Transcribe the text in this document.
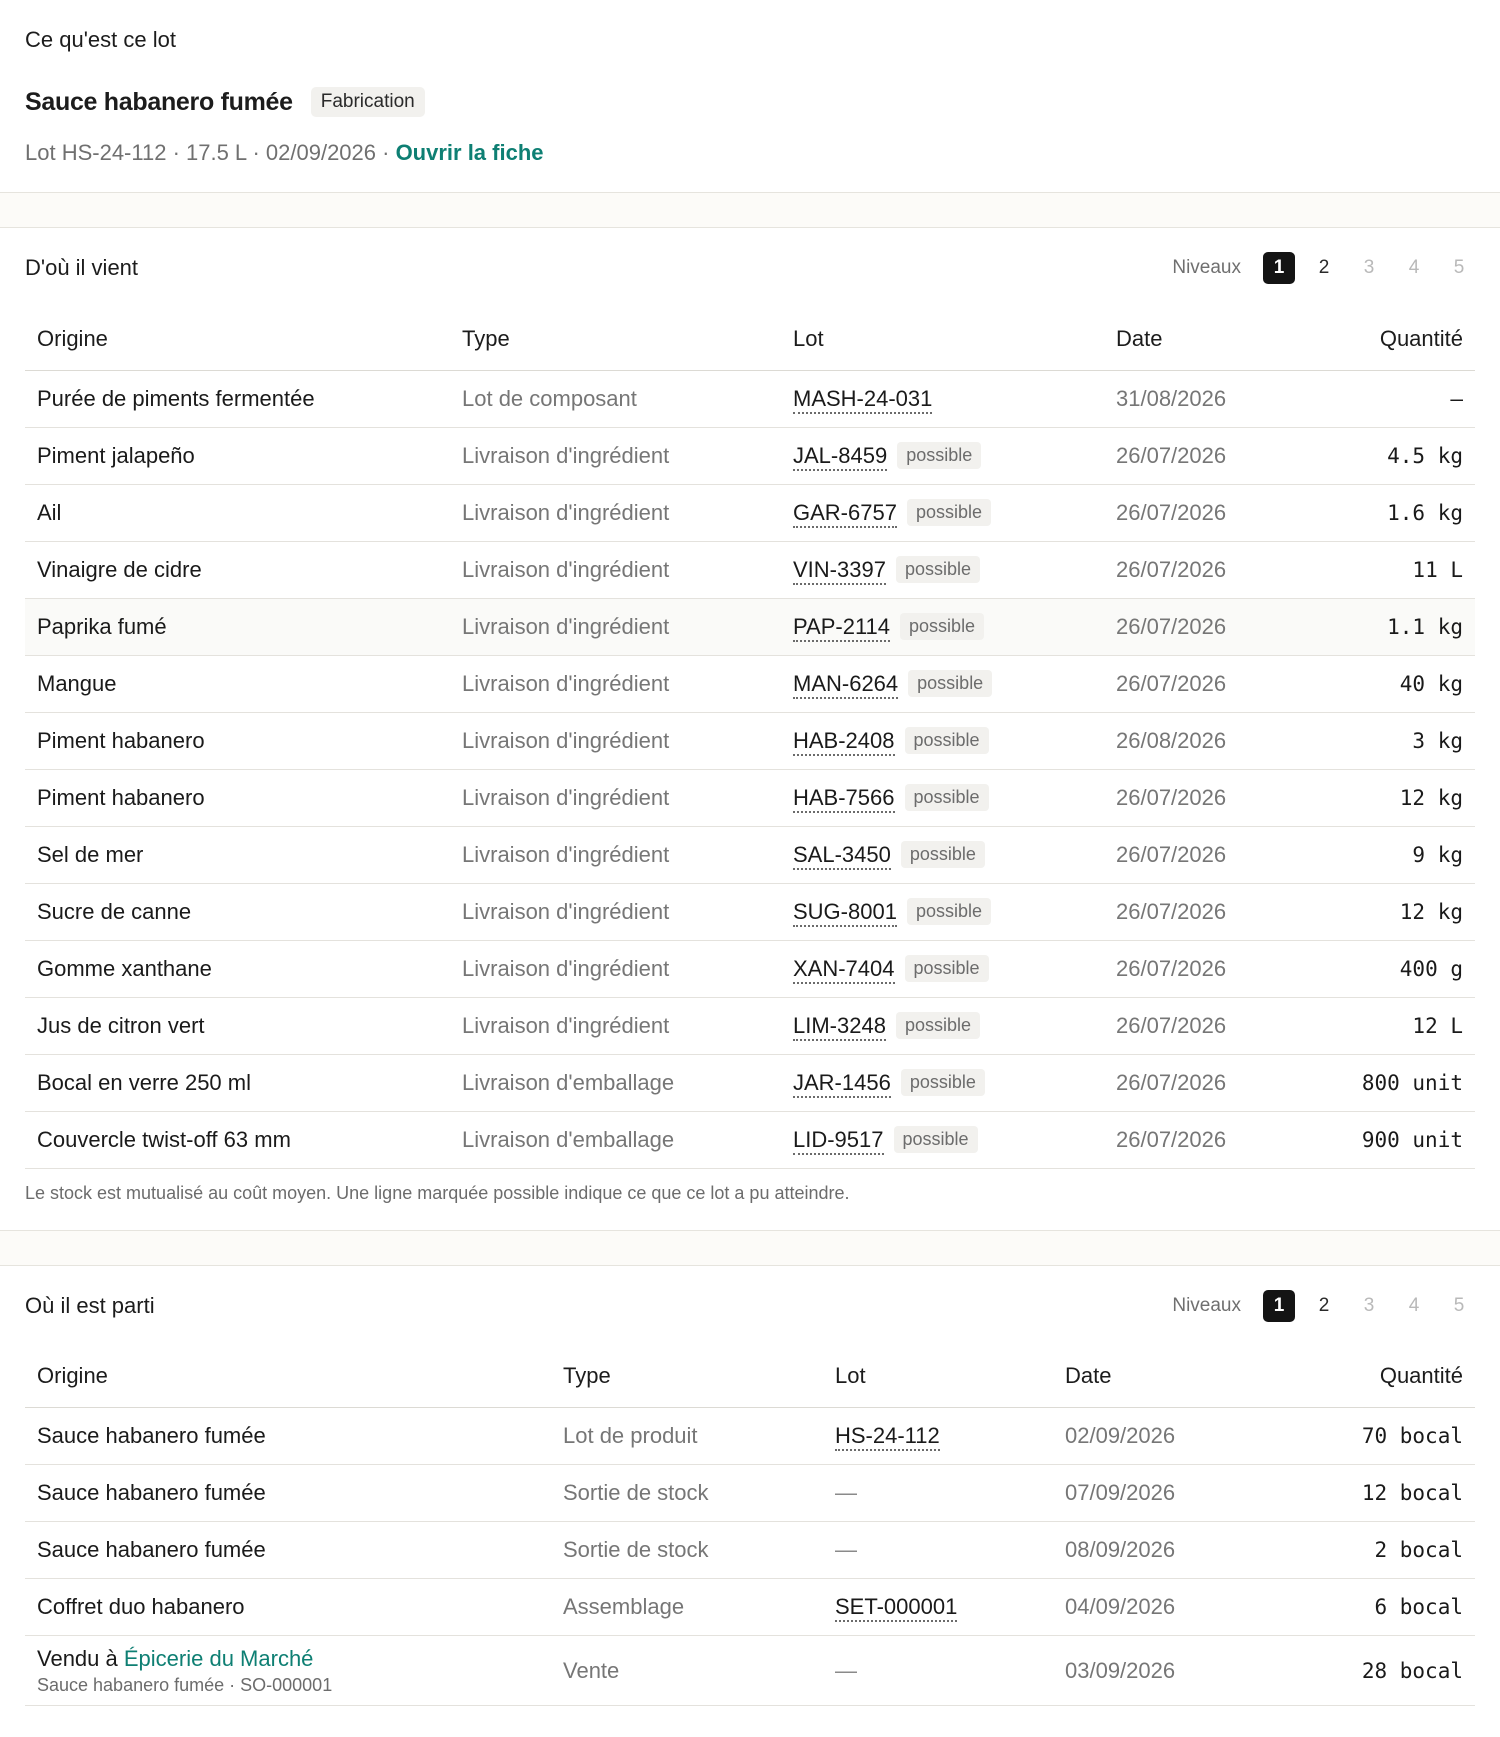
Ce qu'est ce lot
Sauce habanero fumée	Fabrication
Lot HS-24-112 · 17.5 L · 02/09/2026 · Ouvrir la fiche
D'où il vient	Niveaux	1	2	3	4	5
Origine	Type	Lot	Date	Quantité
Purée de piments fermentée	Lot de composant	MASH-24-031	31/08/2026	—
Piment jalapeño	Livraison d'ingrédient	JAL-8459 possible	26/07/2026	4.5 kg
Ail	Livraison d'ingrédient	GAR-6757 possible	26/07/2026	1.6 kg
Vinaigre de cidre	Livraison d'ingrédient	VIN-3397 possible	26/07/2026	11 L
Paprika fumé	Livraison d'ingrédient	PAP-2114 possible	26/07/2026	1.1 kg
Mangue	Livraison d'ingrédient	MAN-6264 possible	26/07/2026	40 kg
Piment habanero	Livraison d'ingrédient	HAB-2408 possible	26/08/2026	3 kg
Piment habanero	Livraison d'ingrédient	HAB-7566 possible	26/07/2026	12 kg
Sel de mer	Livraison d'ingrédient	SAL-3450 possible	26/07/2026	9 kg
Sucre de canne	Livraison d'ingrédient	SUG-8001 possible	26/07/2026	12 kg
Gomme xanthane	Livraison d'ingrédient	XAN-7404 possible	26/07/2026	400 g
Jus de citron vert	Livraison d'ingrédient	LIM-3248 possible	26/07/2026	12 L
Bocal en verre 250 ml	Livraison d'emballage	JAR-1456 possible	26/07/2026	800 unit
Couvercle twist-off 63 mm	Livraison d'emballage	LID-9517 possible	26/07/2026	900 unit
Le stock est mutualisé au coût moyen. Une ligne marquée possible indique ce que ce lot a pu atteindre.
Où il est parti	Niveaux	1	2	3	4	5
Origine	Type	Lot	Date	Quantité
Sauce habanero fumée	Lot de produit	HS-24-112	02/09/2026	70 bocal
Sauce habanero fumée	Sortie de stock	—	07/09/2026	12 bocal
Sauce habanero fumée	Sortie de stock	—	08/09/2026	2 bocal
Coffret duo habanero	Assemblage	SET-000001	04/09/2026	6 bocal
Vendu à Épicerie du Marché
Sauce habanero fumée · SO-000001	Vente	—	03/09/2026	28 bocal
